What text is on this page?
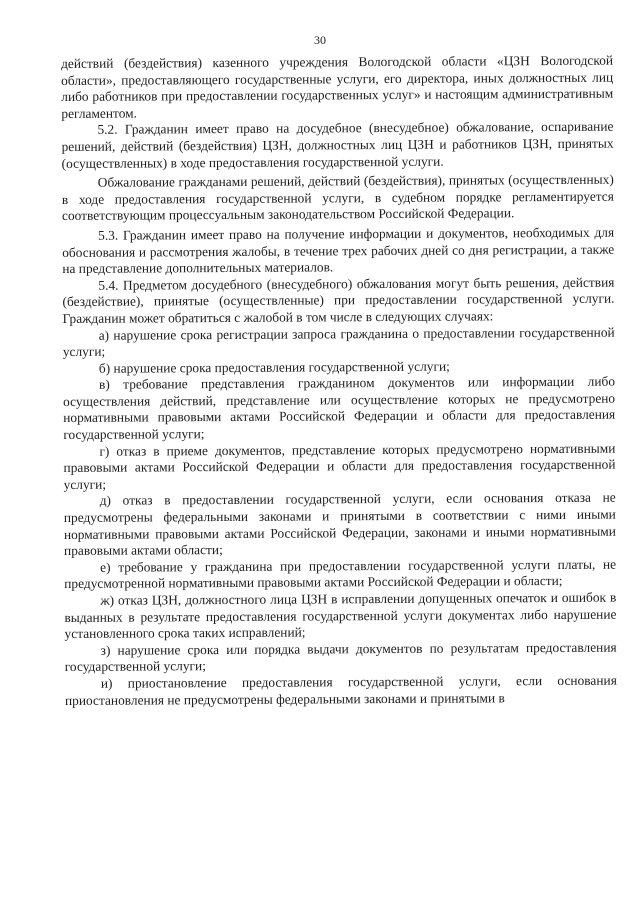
30

действий (бездействия) казенного учреждения Вологодской области «ЦЗН Вологодской области», предоставляющего государственные услуги, его директора, иных должностных лиц либо работников при предоставлении государственных услуг» и настоящим административным регламентом.

5.2. Гражданин имеет право на досудебное (внесудебное) обжалование, оспаривание решений, действий (бездействия) ЦЗН, должностных лиц ЦЗН и работников ЦЗН, принятых (осуществленных) в ходе предоставления государственной услуги.

Обжалование гражданами решений, действий (бездействия), принятых (осуществленных) в ходе предоставления государственной услуги, в судебном порядке регламентируется соответствующим процессуальным законодательством Российской Федерации.

5.3. Гражданин имеет право на получение информации и документов, необходимых для обоснования и рассмотрения жалобы, в течение трех рабочих дней со дня регистрации, а также на представление дополнительных материалов.

5.4. Предметом досудебного (внесудебного) обжалования могут быть решения, действия (бездействие), принятые (осуществленные) при предоставлении государственной услуги. Гражданин может обратиться с жалобой в том числе в следующих случаях:

а) нарушение срока регистрации запроса гражданина о предоставлении государственной услуги;

б) нарушение срока предоставления государственной услуги;

в) требование представления гражданином документов или информации либо осуществления действий, представление или осуществление которых не предусмотрено нормативными правовыми актами Российской Федерации и области для предоставления государственной услуги;

г) отказ в приеме документов, представление которых предусмотрено нормативными правовыми актами Российской Федерации и области для предоставления государственной услуги;

д) отказ в предоставлении государственной услуги, если основания отказа не предусмотрены федеральными законами и принятыми в соответствии с ними иными нормативными правовыми актами Российской Федерации, законами и иными нормативными правовыми актами области;

е) требование у гражданина при предоставлении государственной услуги платы, не предусмотренной нормативными правовыми актами Российской Федерации и области;

ж) отказ ЦЗН, должностного лица ЦЗН в исправлении допущенных опечаток и ошибок в выданных в результате предоставления государственной услуги документах либо нарушение установленного срока таких исправлений;

з) нарушение срока или порядка выдачи документов по результатам предоставления государственной услуги;

и) приостановление предоставления государственной услуги, если основания приостановления не предусмотрены федеральными законами и принятыми в
